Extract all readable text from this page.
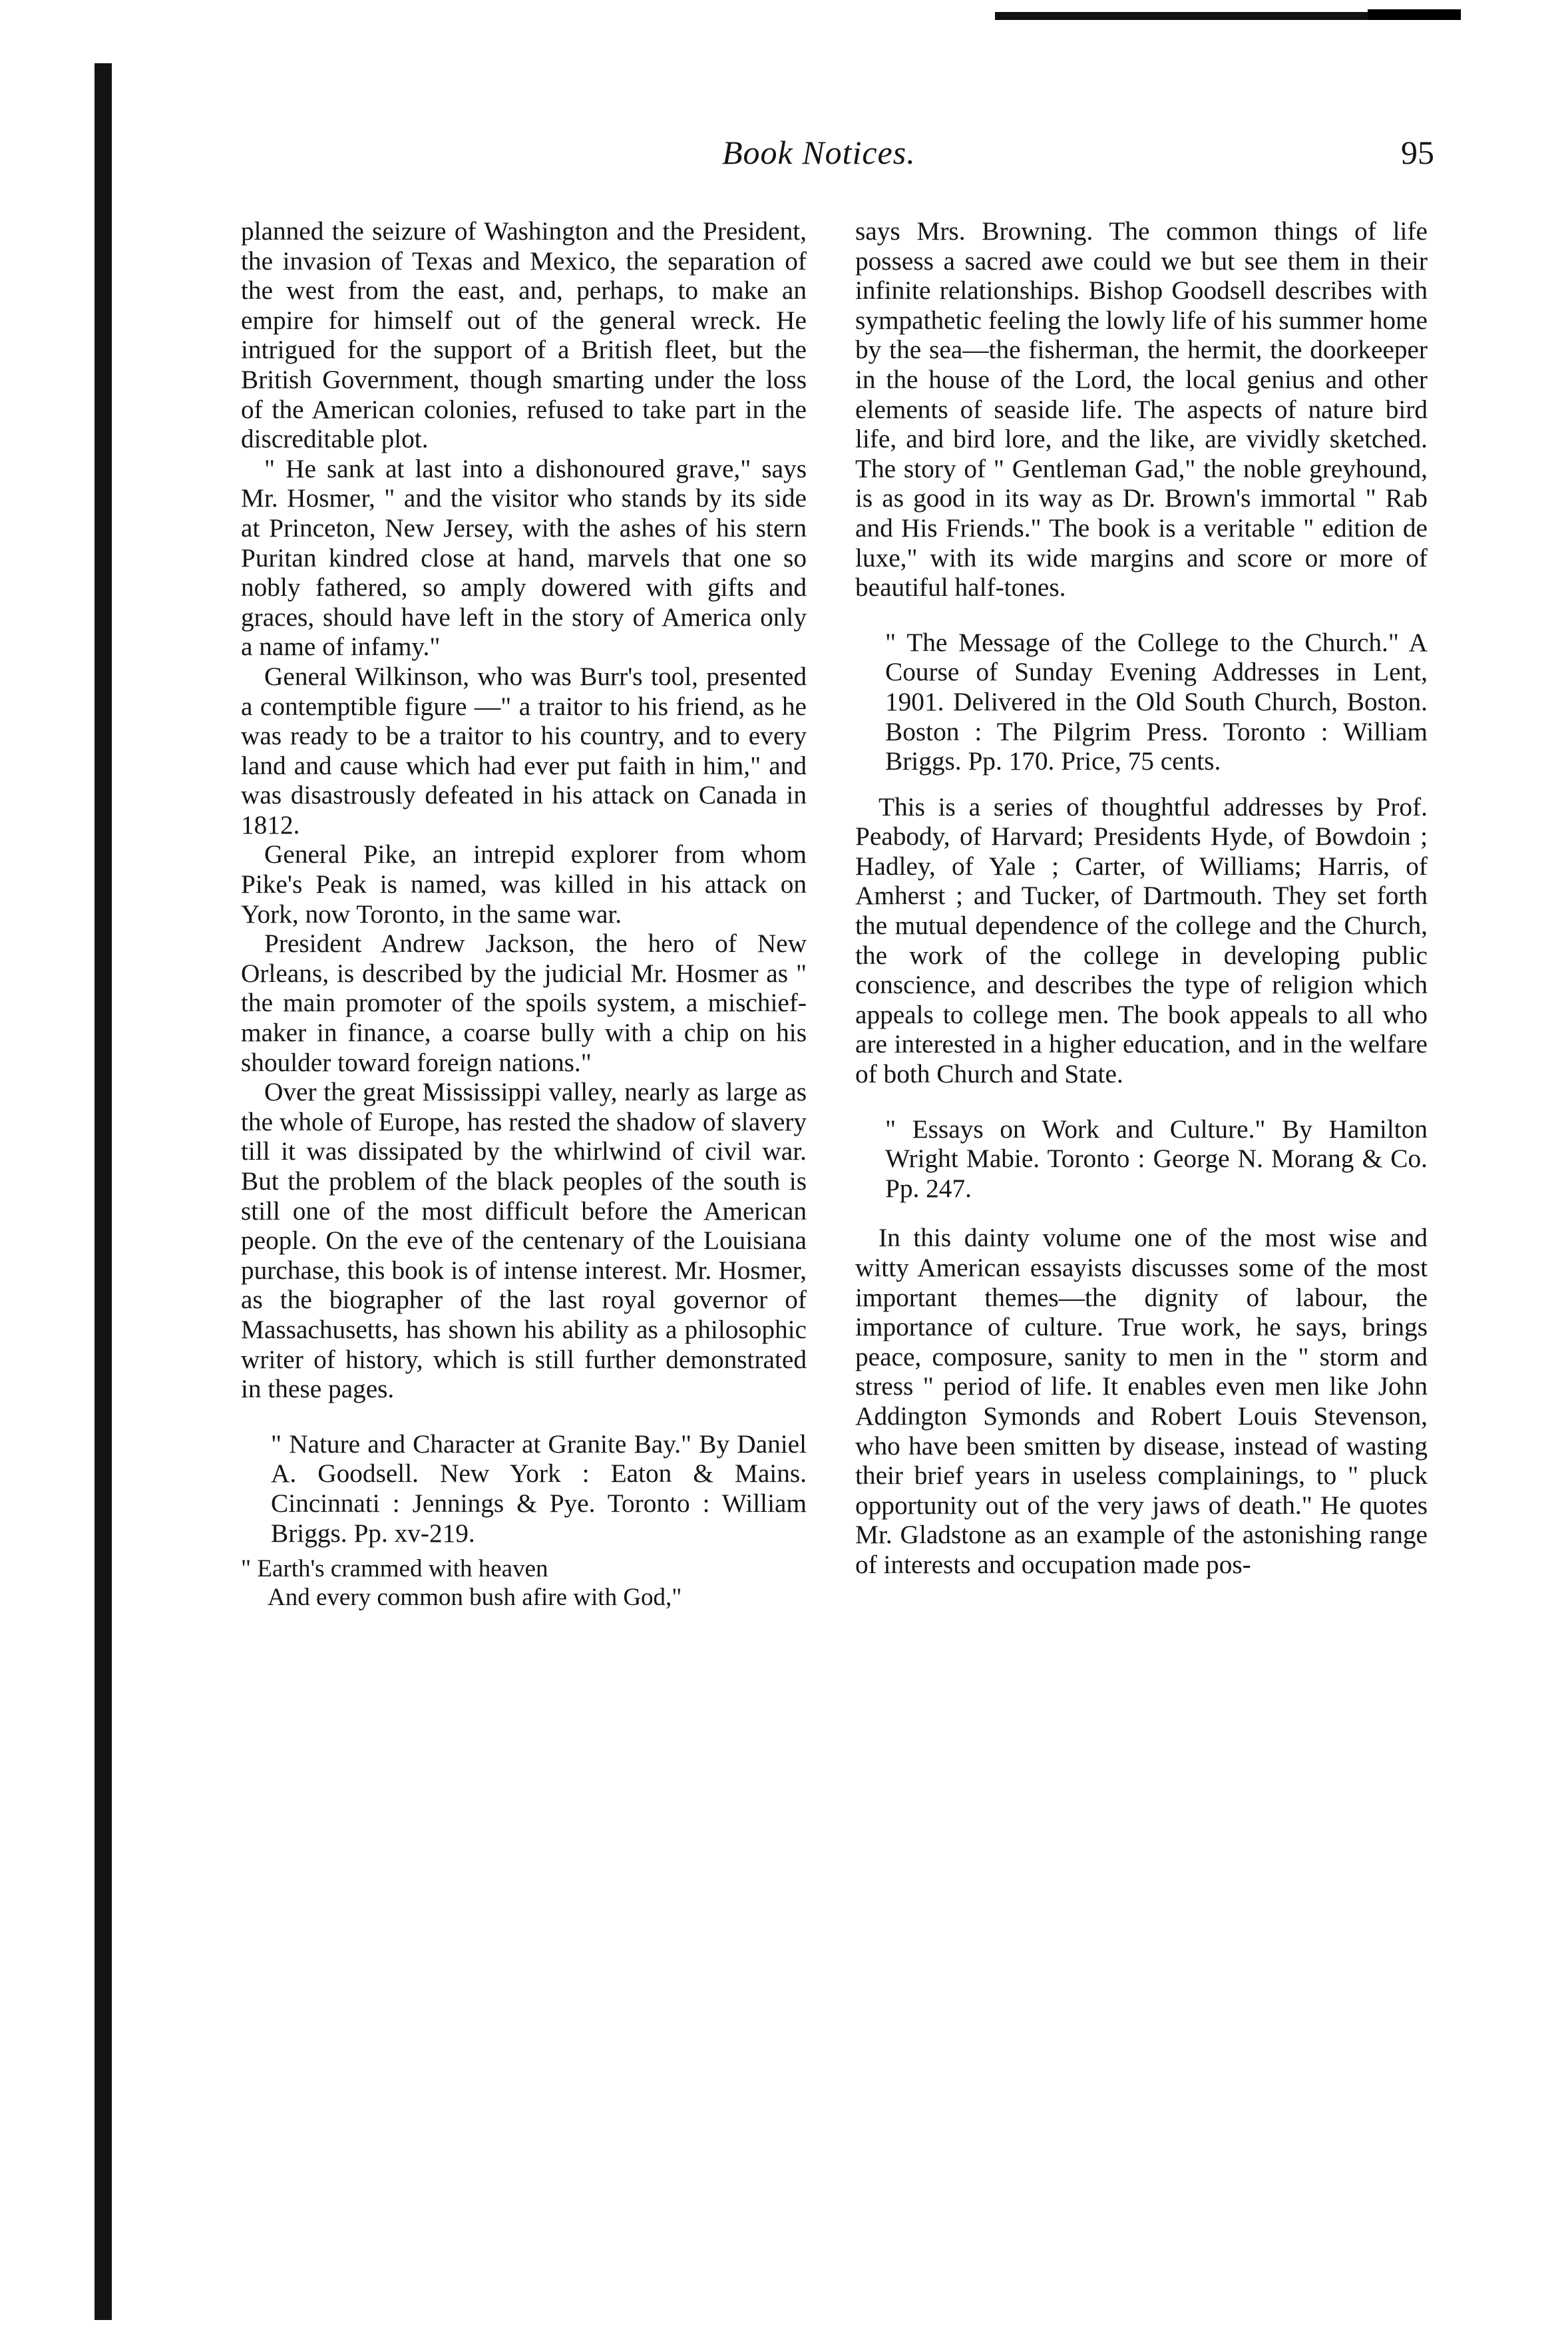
Book Notices.	95

planned the seizure of Washington and the President, the invasion of Texas and Mexico, the separation of the west from the east, and, perhaps, to make an empire for himself out of the general wreck. He intrigued for the support of a British fleet, but the British Government, though smarting under the loss of the American colonies, refused to take part in the discreditable plot.

" He sank at last into a dishonoured grave," says Mr. Hosmer, " and the visitor who stands by its side at Princeton, New Jersey, with the ashes of his stern Puritan kindred close at hand, marvels that one so nobly fathered, so amply dowered with gifts and graces, should have left in the story of America only a name of infamy."

General Wilkinson, who was Burr's tool, presented a contemptible figure —" a traitor to his friend, as he was ready to be a traitor to his country, and to every land and cause which had ever put faith in him," and was disastrously defeated in his attack on Canada in 1812.

General Pike, an intrepid explorer from whom Pike's Peak is named, was killed in his attack on York, now Toronto, in the same war.

President Andrew Jackson, the hero of New Orleans, is described by the judicial Mr. Hosmer as " the main promoter of the spoils system, a mischief-maker in finance, a coarse bully with a chip on his shoulder toward foreign nations."

Over the great Mississippi valley, nearly as large as the whole of Europe, has rested the shadow of slavery till it was dissipated by the whirlwind of civil war. But the problem of the black peoples of the south is still one of the most difficult before the American people. On the eve of the centenary of the Louisiana purchase, this book is of intense interest. Mr. Hosmer, as the biographer of the last royal governor of Massachusetts, has shown his ability as a philosophic writer of history, which is still further demonstrated in these pages.

" Nature and Character at Granite Bay." By Daniel A. Goodsell. New York : Eaton & Mains. Cincinnati : Jennings & Pye. Toronto : William Briggs. Pp. xv-219.

" Earth's crammed with heaven
And every common bush afire with God,"

says Mrs. Browning. The common things of life possess a sacred awe could we but see them in their infinite relationships. Bishop Goodsell describes with sympathetic feeling the lowly life of his summer home by the sea—the fisherman, the hermit, the doorkeeper in the house of the Lord, the local genius and other elements of seaside life. The aspects of nature bird life, and bird lore, and the like, are vividly sketched. The story of " Gentleman Gad," the noble greyhound, is as good in its way as Dr. Brown's immortal " Rab and His Friends." The book is a veritable " edition de luxe," with its wide margins and score or more of beautiful half-tones.

" The Message of the College to the Church." A Course of Sunday Evening Addresses in Lent, 1901. Delivered in the Old South Church, Boston. Boston : The Pilgrim Press. Toronto : William Briggs. Pp. 170. Price, 75 cents.

This is a series of thoughtful addresses by Prof. Peabody, of Harvard; Presidents Hyde, of Bowdoin ; Hadley, of Yale ; Carter, of Williams; Harris, of Amherst ; and Tucker, of Dartmouth. They set forth the mutual dependence of the college and the Church, the work of the college in developing public conscience, and describes the type of religion which appeals to college men. The book appeals to all who are interested in a higher education, and in the welfare of both Church and State.

" Essays on Work and Culture." By Hamilton Wright Mabie. Toronto : George N. Morang & Co. Pp. 247.

In this dainty volume one of the most wise and witty American essayists discusses some of the most important themes—the dignity of labour, the importance of culture. True work, he says, brings peace, composure, sanity to men in the " storm and stress " period of life. It enables even men like John Addington Symonds and Robert Louis Stevenson, who have been smitten by disease, instead of wasting their brief years in useless complainings, to " pluck opportunity out of the very jaws of death." He quotes Mr. Gladstone as an example of the astonishing range of interests and occupation made pos-
